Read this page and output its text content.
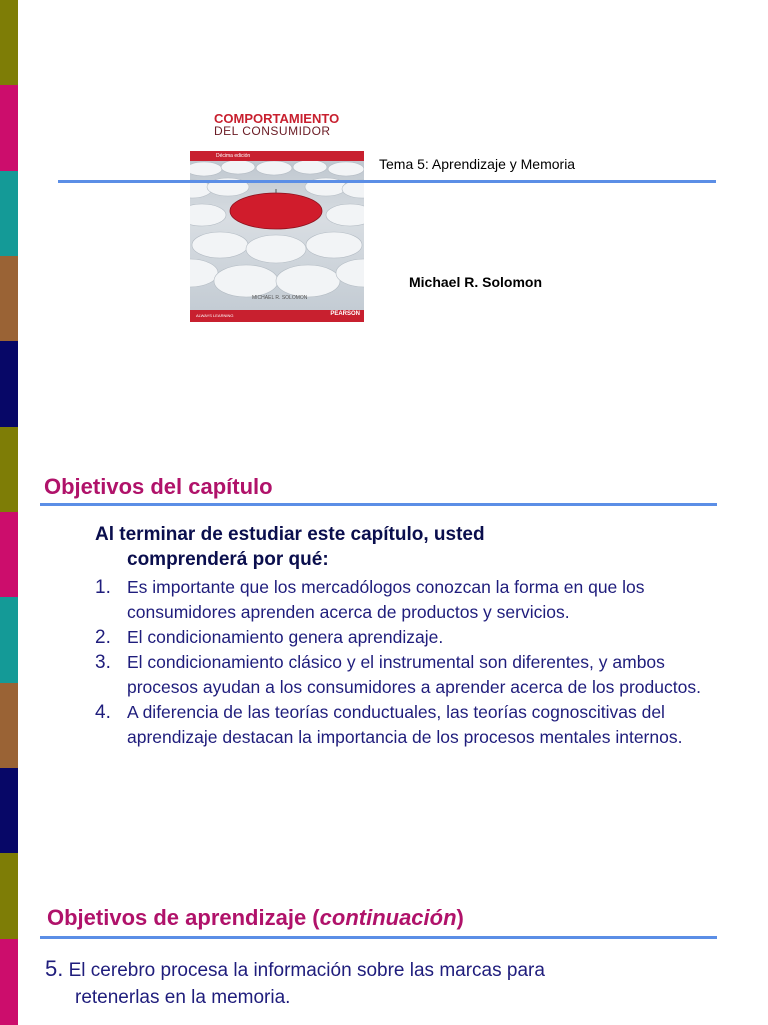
COMPORTAMIENTO
DEL CONSUMIDOR
Décima edición
MICHAEL R. SOLOMON
ALWAYS LEARNING	PEARSON
Tema 5: Aprendizaje y Memoria
Michael R. Solomon
Objetivos del capítulo
Al terminar de estudiar este capítulo, usted
comprenderá por qué:
1. Es importante que los mercadólogos conozcan la forma en que los consumidores aprenden acerca de productos y servicios.
2. El condicionamiento genera aprendizaje.
3. El condicionamiento clásico y el instrumental son diferentes, y ambos procesos ayudan a los consumidores a aprender acerca de los productos.
4. A diferencia de las teorías conductuales, las teorías cognoscitivas del aprendizaje destacan la importancia de los procesos mentales internos.
Objetivos de aprendizaje (continuación)
5. El cerebro procesa la información sobre las marcas para
retenerlas en la memoria.
